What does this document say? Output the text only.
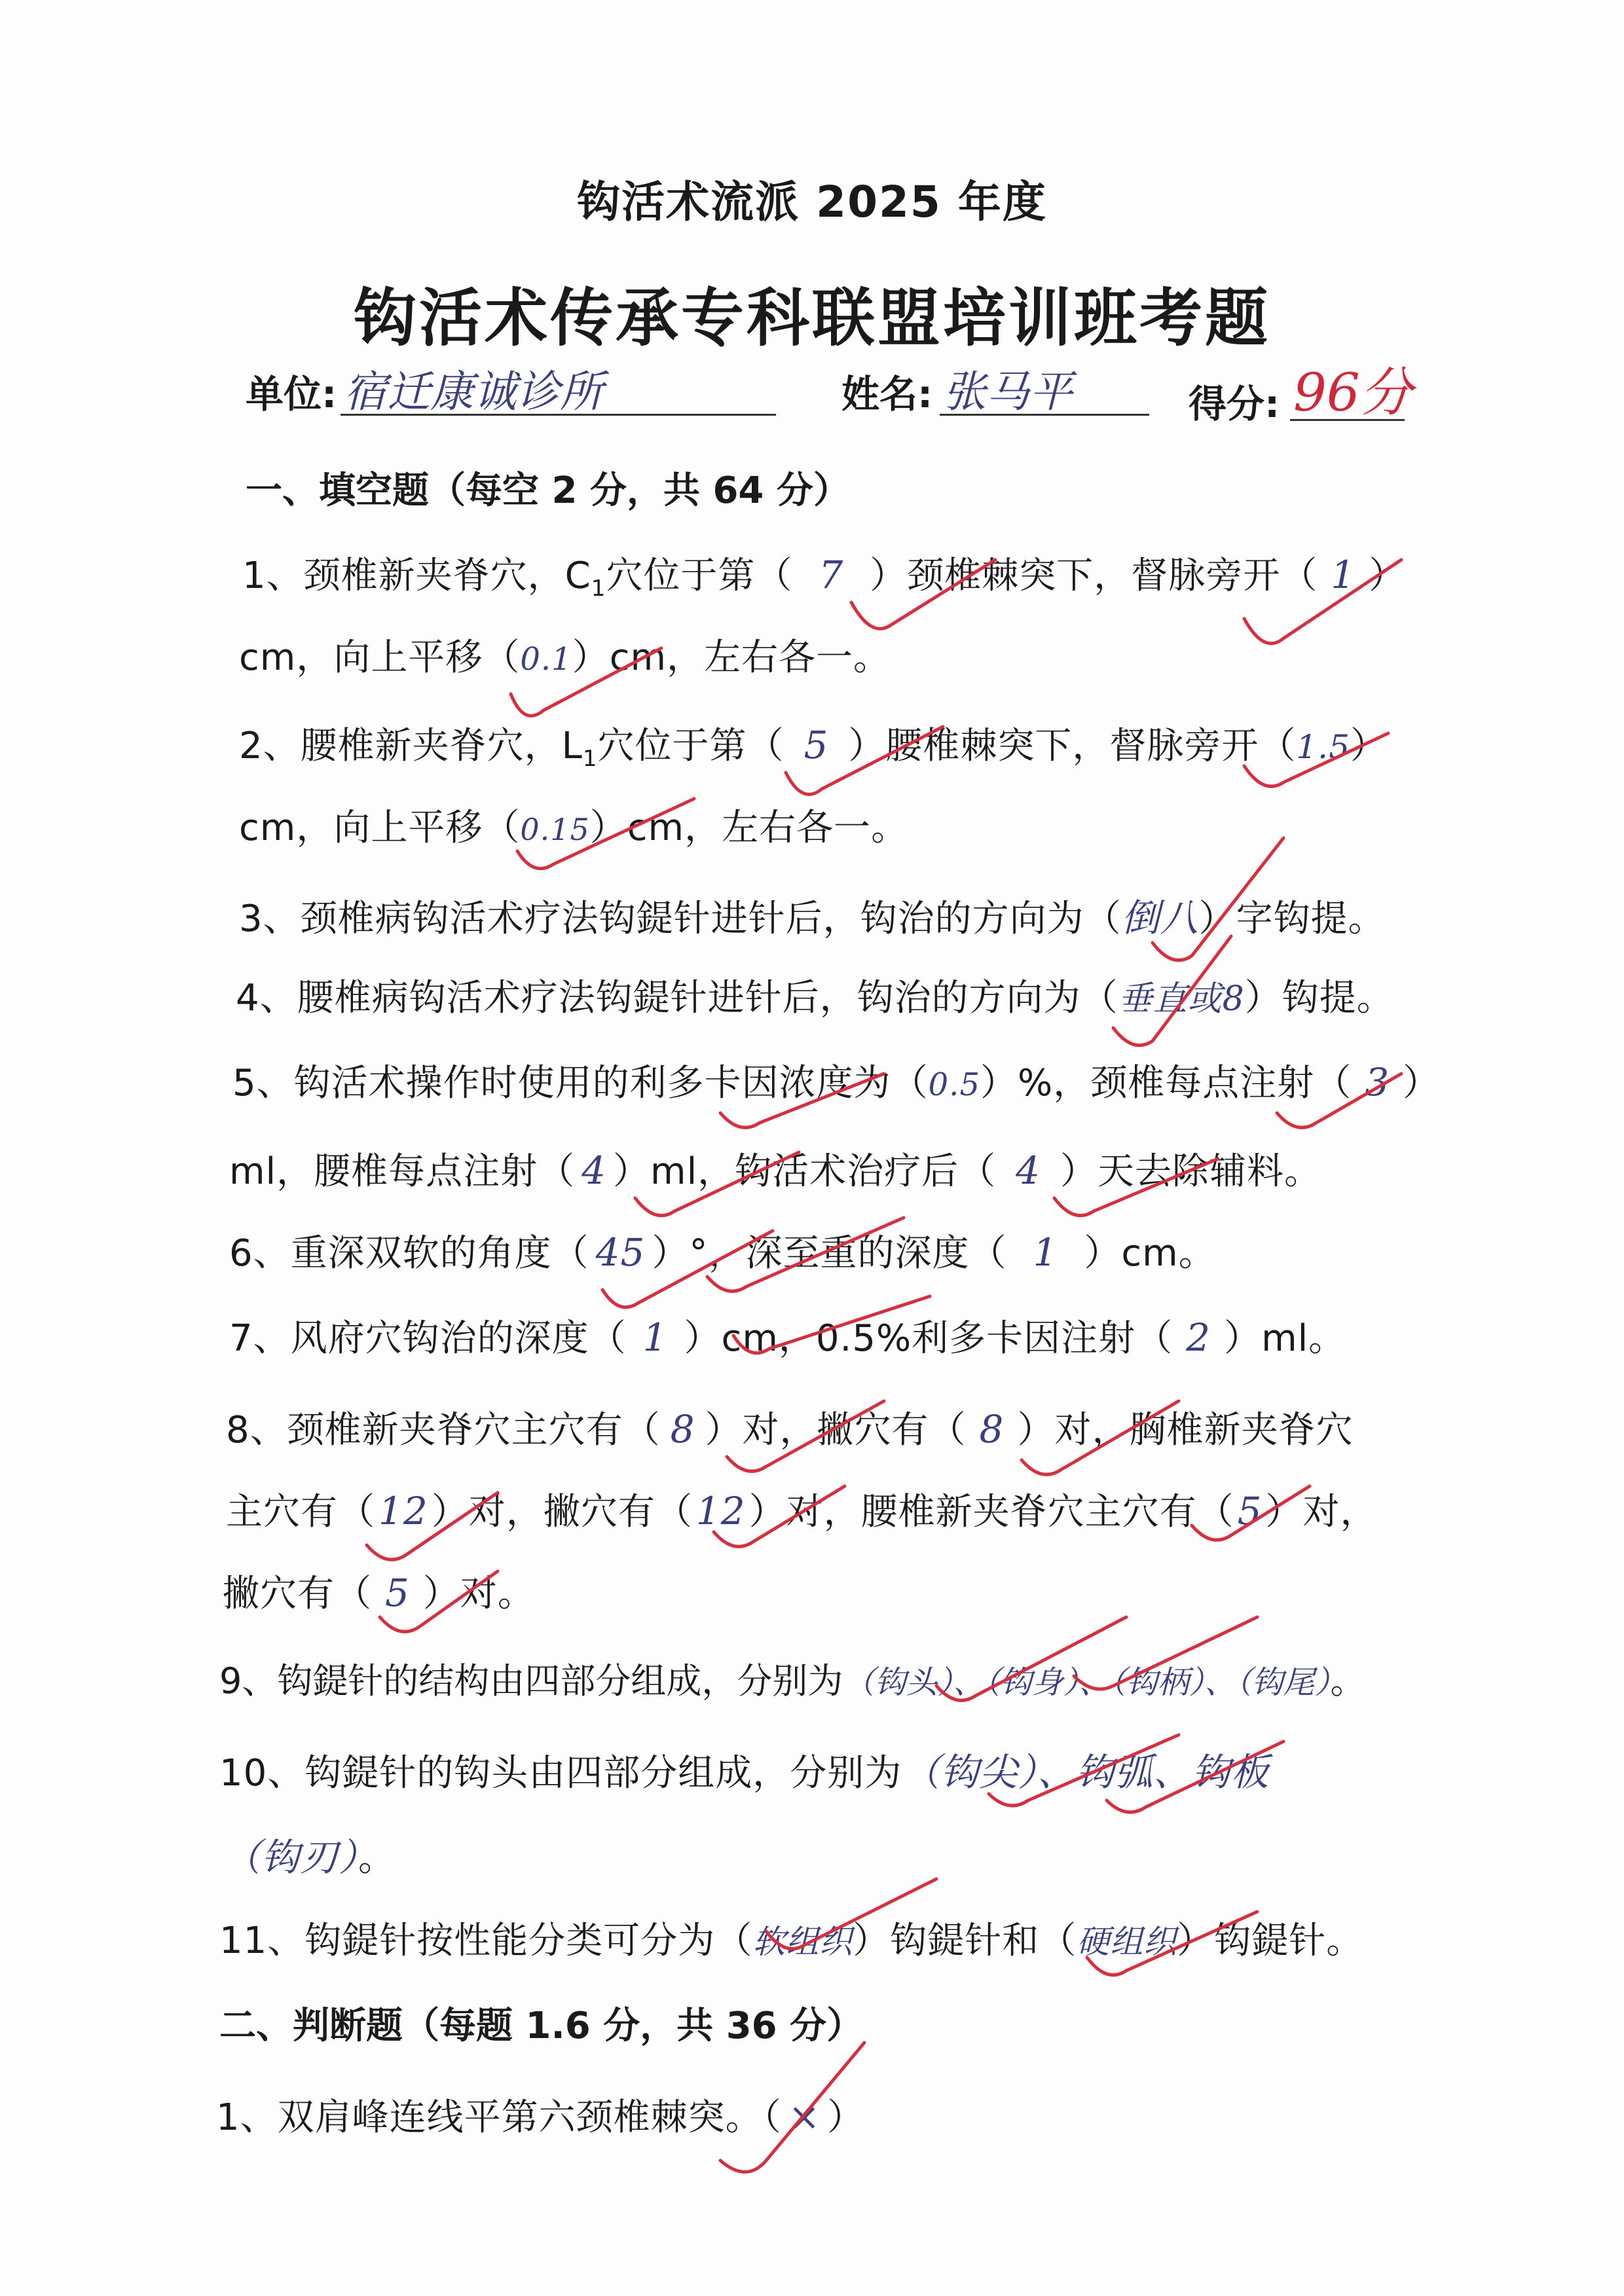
钩活术流派 2025 年度
钩活术传承专科联盟培训班考题
单位: 宿迁康诚诊所	姓名: 张马平	得分: 96分
一、填空题（每空 2 分，共 64 分）
1、颈椎新夹脊穴，$C_1$穴位于第（ 7 ）颈椎棘突下，督脉旁开（ 1 ）
cm，向上平移（0.1）cm，左右各一。
2、腰椎新夹脊穴，$L_1$穴位于第（ 5 ）腰椎棘突下，督脉旁开（1.5）
cm，向上平移（0.15）cm，左右各一。
3、颈椎病钩活术疗法钩鍉针进针后，钩治的方向为（倒八）字钩提。
4、腰椎病钩活术疗法钩鍉针进针后，钩治的方向为（垂直或8）钩提。
5、钩活术操作时使用的利多卡因浓度为（0.5）%，颈椎每点注射（ 3 ）
ml，腰椎每点注射（ 4 ）ml，钩活术治疗后（ 4 ）天去除辅料。
6、重深双软的角度（ 45 ）°，深至重的深度（ 1 ）cm。
7、风府穴钩治的深度（ 1 ）cm，0.5%利多卡因注射（ 2 ）ml。
8、颈椎新夹脊穴主穴有（ 8 ）对，撇穴有（ 8 ）对，胸椎新夹脊穴
主穴有（12）对，撇穴有（12）对，腰椎新夹脊穴主穴有（5）对，
撇穴有（ 5 ）对。
9、钩鍉针的结构由四部分组成，分别为（钩头）、（钩身）、（钩柄）、（钩尾）。
10、钩鍉针的钩头由四部分组成，分别为（钩尖）、钩弧、钩板
（钩刃）。
11、钩鍉针按性能分类可分为（软组织）钩鍉针和（硬组织）钩鍉针。
二、判断题（每题 1.6 分，共 36 分）
1、双肩峰连线平第六颈椎棘突。（ × ）
